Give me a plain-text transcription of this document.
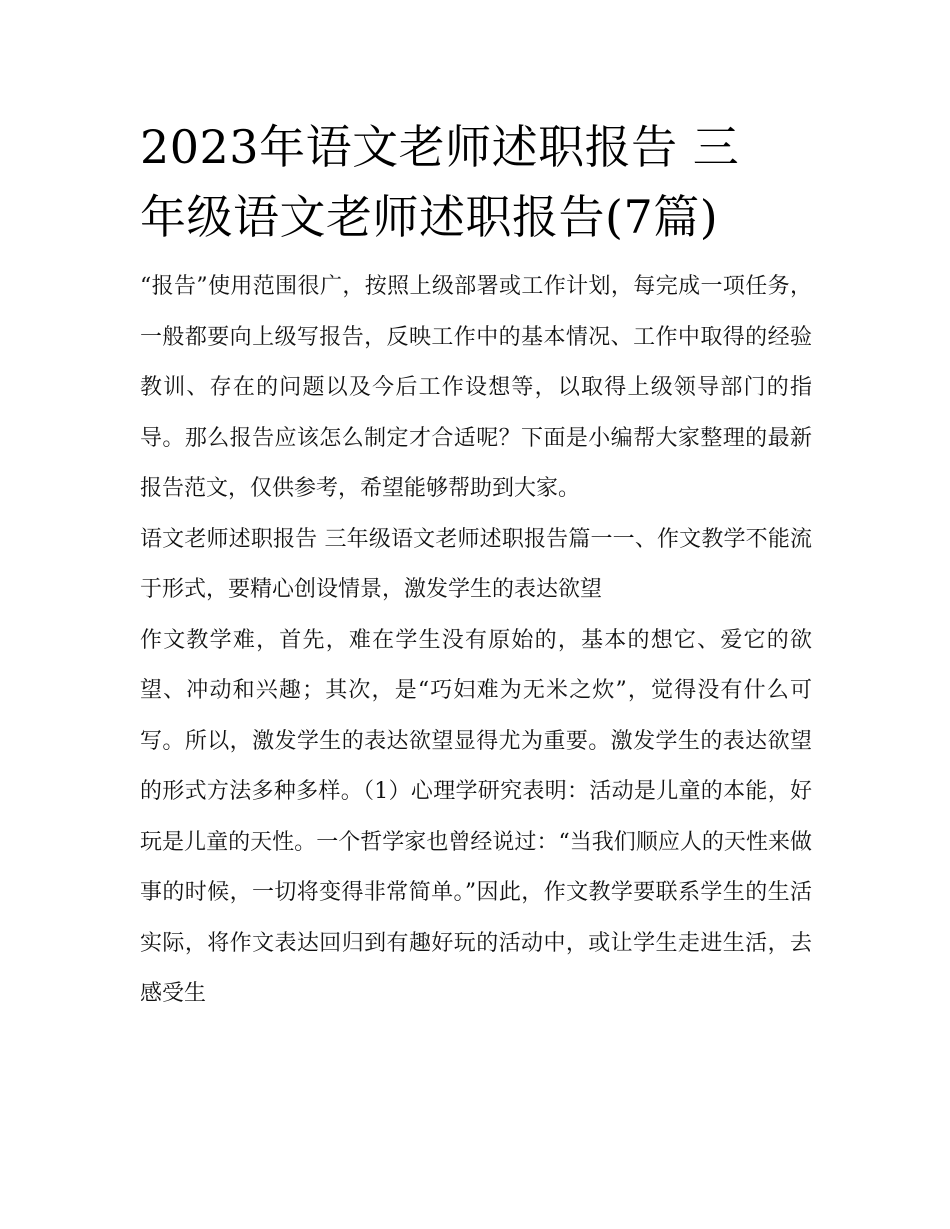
2023年语文老师述职报告 三
年级语文老师述职报告(7篇)

“报告”使用范围很广，按照上级部署或工作计划，每完成一项任务，一般都要向上级写报告，反映工作中的基本情况、工作中取得的经验教训、存在的问题以及今后工作设想等，以取得上级领导部门的指导。那么报告应该怎么制定才合适呢？下面是小编帮大家整理的最新报告范文，仅供参考，希望能够帮助到大家。

语文老师述职报告 三年级语文老师述职报告篇一一、作文教学不能流于形式，要精心创设情景，激发学生的表达欲望

作文教学难，首先，难在学生没有原始的，基本的想它、爱它的欲望、冲动和兴趣；其次，是“巧妇难为无米之炊”，觉得没有什么可写。所以，激发学生的表达欲望显得尤为重要。激发学生的表达欲望的形式方法多种多样。（1）心理学研究表明：活动是儿童的本能，好玩是儿童的天性。一个哲学家也曾经说过：“当我们顺应人的天性来做事的时候，一切将变得非常简单。”因此，作文教学要联系学生的生活实际，将作文表达回归到有趣好玩的活动中，或让学生走进生活，去感受生
